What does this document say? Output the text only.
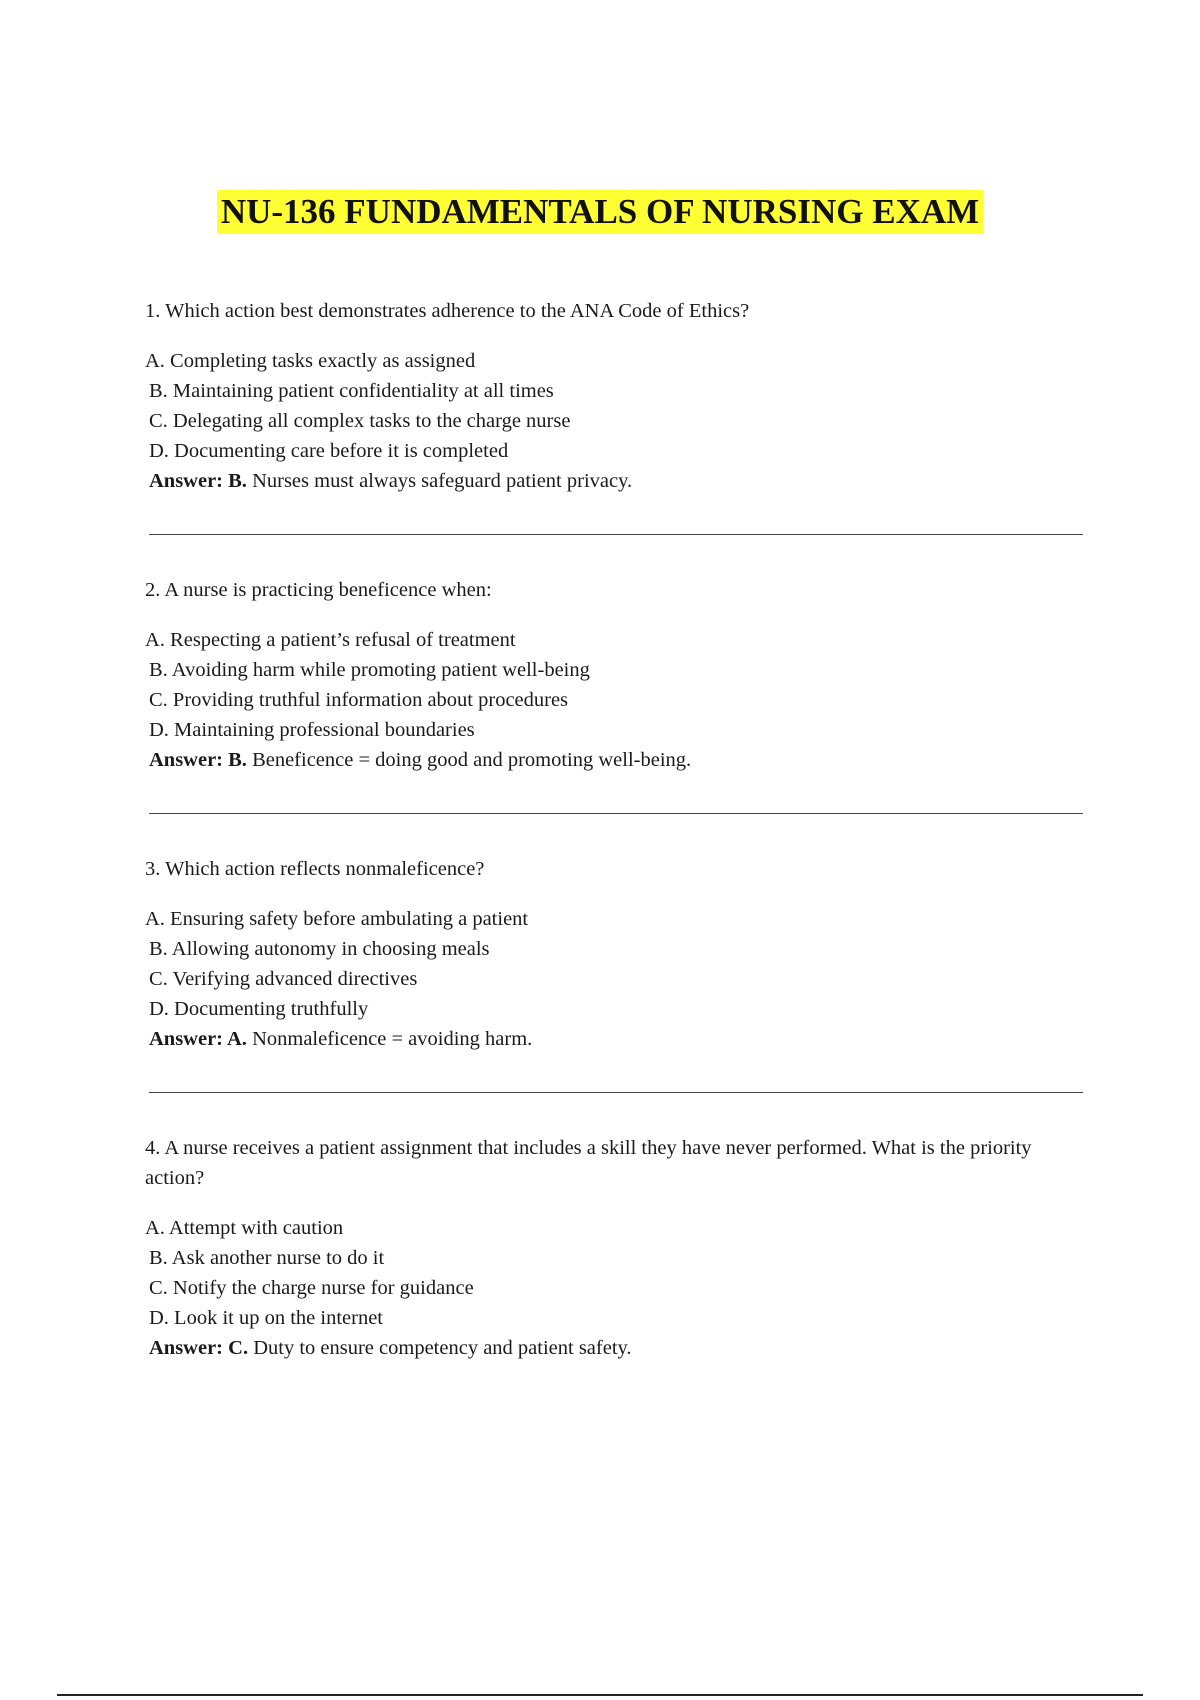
NU-136 FUNDAMENTALS OF NURSING EXAM

1. Which action best demonstrates adherence to the ANA Code of Ethics?

A. Completing tasks exactly as assigned
B. Maintaining patient confidentiality at all times
C. Delegating all complex tasks to the charge nurse
D. Documenting care before it is completed
Answer: B. Nurses must always safeguard patient privacy.

2. A nurse is practicing beneficence when:

A. Respecting a patient’s refusal of treatment
B. Avoiding harm while promoting patient well-being
C. Providing truthful information about procedures
D. Maintaining professional boundaries
Answer: B. Beneficence = doing good and promoting well-being.

3. Which action reflects nonmaleficence?

A. Ensuring safety before ambulating a patient
B. Allowing autonomy in choosing meals
C. Verifying advanced directives
D. Documenting truthfully
Answer: A. Nonmaleficence = avoiding harm.

4. A nurse receives a patient assignment that includes a skill they have never performed. What is the priority action?

A. Attempt with caution
B. Ask another nurse to do it
C. Notify the charge nurse for guidance
D. Look it up on the internet
Answer: C. Duty to ensure competency and patient safety.
